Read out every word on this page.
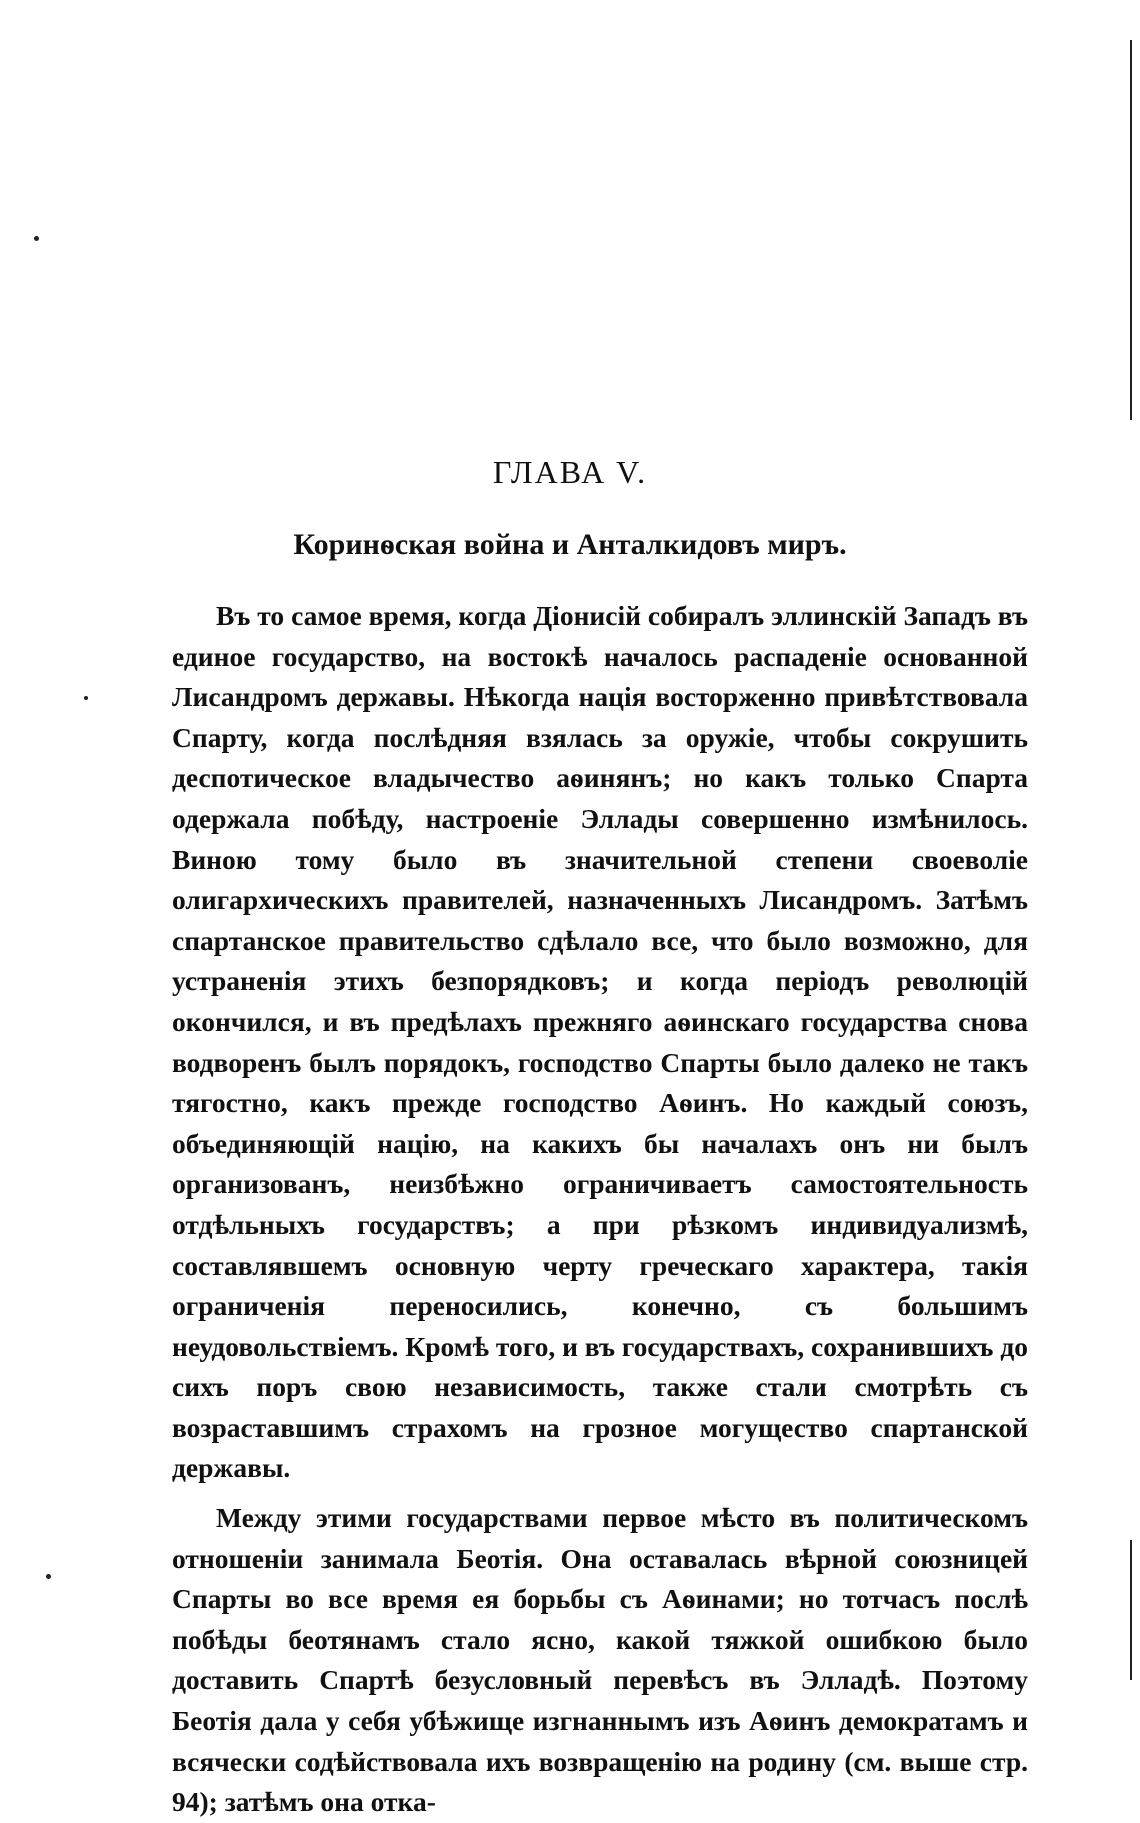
ГЛАВА V.
Коринѳская война и Анталкидовъ миръ.

Въ то самое время, когда Діонисій собиралъ эллинскій Западъ въ единое государство, на востокѣ началось распаденіе основанной Лисандромъ державы. Нѣкогда нація восторженно привѣтствовала Спарту, когда послѣдняя взялась за оружіе, чтобы сокрушить деспотическое владычество аѳинянъ; но какъ только Спарта одержала побѣду, настроеніе Эллады совершенно измѣнилось. Виною тому было въ значительной степени своеволіе олигархическихъ правителей, назначенныхъ Лисандромъ. Затѣмъ спартанское правительство сдѣлало все, что было возможно, для устраненія этихъ безпорядковъ; и когда періодъ революцій окончился, и въ предѣлахъ прежняго аѳинскаго государства снова водворенъ былъ порядокъ, господство Спарты было далеко не такъ тягостно, какъ прежде господство Аѳинъ. Но каждый союзъ, объединяющій націю, на какихъ бы началахъ онъ ни былъ организованъ, неизбѣжно ограничиваетъ самостоятельность отдѣльныхъ государствъ; а при рѣзкомъ индивидуализмѣ, составлявшемъ основную черту греческаго характера, такія ограниченія переносились, конечно, съ большимъ неудовольствіемъ. Кромѣ того, и въ государствахъ, сохранившихъ до сихъ поръ свою независимость, также стали смотрѣть съ возраставшимъ страхомъ на грозное могущество спартанской державы.

Между этими государствами первое мѣсто въ политическомъ отношеніи занимала Беотія. Она оставалась вѣрной союзницей Спарты во все время ея борьбы съ Аѳинами; но тотчасъ послѣ побѣды беотянамъ стало ясно, какой тяжкой ошибкою было доставить Спартѣ безусловный перевѣсъ въ Элладѣ. Поэтому Беотія дала у себя убѣжище изгнаннымъ изъ Аѳинъ демократамъ и всячески содѣйствовала ихъ возвращенію на родину (см. выше стр. 94); затѣмъ она отка-
